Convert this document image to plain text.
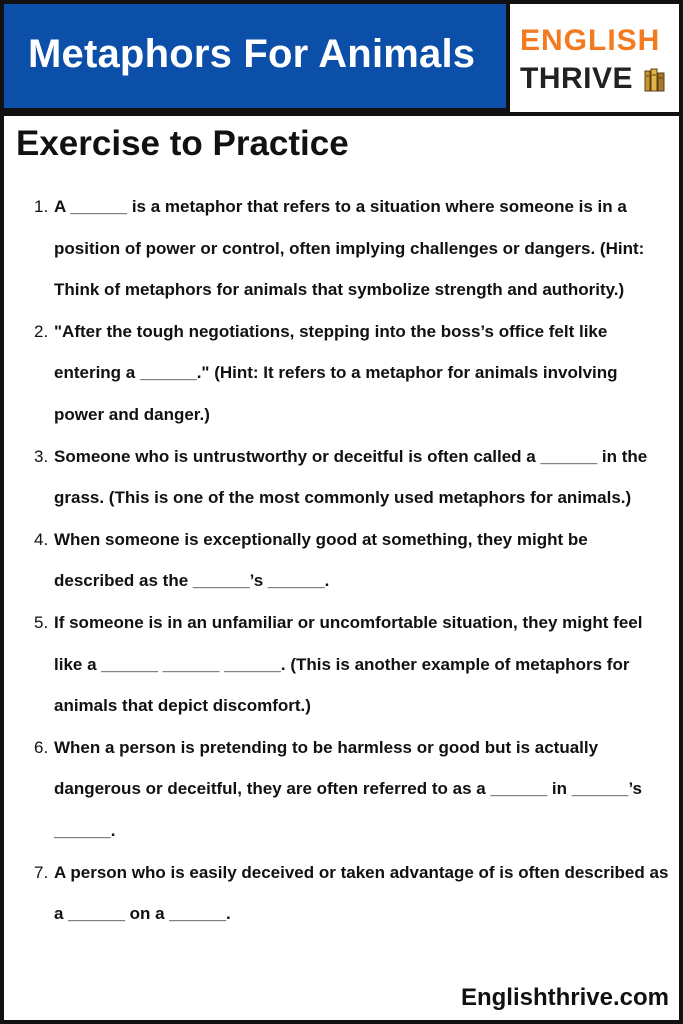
Metaphors For Animals ENGLISH
THRIVE
Exercise to Practice
1. A ______ is a metaphor that refers to a situation where someone is in a position of power or control, often implying challenges or dangers. (Hint: Think of metaphors for animals that symbolize strength and authority.)
2. "After the tough negotiations, stepping into the boss’s office felt like entering a ______." (Hint: It refers to a metaphor for animals involving power and danger.)
3. Someone who is untrustworthy or deceitful is often called a ______ in the grass. (This is one of the most commonly used metaphors for animals.)
4. When someone is exceptionally good at something, they might be described as the ______’s ______.
5. If someone is in an unfamiliar or uncomfortable situation, they might feel like a ______ ______ ______. (This is another example of metaphors for animals that depict discomfort.)
6. When a person is pretending to be harmless or good but is actually dangerous or deceitful, they are often referred to as a ______ in ______’s ______.
7. A person who is easily deceived or taken advantage of is often described as a ______ on a ______.
Englishthrive.com
